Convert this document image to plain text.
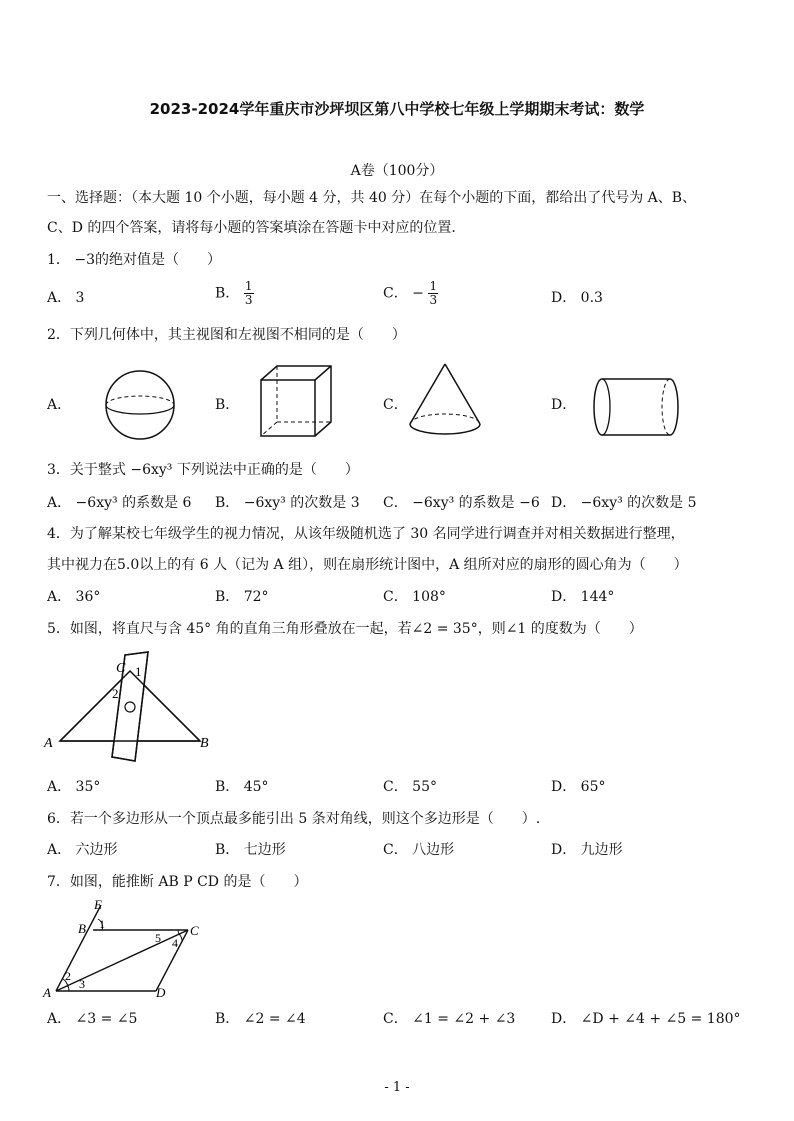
2023-2024学年重庆市沙坪坝区第八中学校七年级上学期期末考试：数学
A卷（100分）
一、选择题：（本大题 10 个小题，每小题 4 分，共 40 分）在每个小题的下面，都给出了代号为 A、B、
C、D 的四个答案，请将每小题的答案填涂在答题卡中对应的位置.
1． −3的绝对值是（　　）
A． 3	B． $\frac{1}{3}$	C． − $\frac{1}{3}$	D． 0.3
2．下列几何体中，其主视图和左视图不相同的是（　　）
A．	B．	C．	D．
3．关于整式 −6xy³ 下列说法中正确的是（　　）
A． −6xy³ 的系数是 6 B． −6xy³ 的次数是 3 C． −6xy³ 的系数是 −6 D． −6xy³ 的次数是 5
4．为了解某校七年级学生的视力情况，从该年级随机选了 30 名同学进行调查并对相关数据进行整理，
其中视力在5.0以上的有 6 人（记为 A 组），则在扇形统计图中，A 组所对应的扇形的圆心角为（　　）
A． 36°	B． 72°	C． 108°	D． 144°
5．如图，将直尺与含 45° 角的直角三角形叠放在一起，若∠2 = 35°，则∠1 的度数为（　　）
C 1
2
A	B
A． 35°	B． 45°	C． 55°	D． 65°
6．若一个多边形从一个顶点最多能引出 5 条对角线，则这个多边形是（　　）.
A． 六边形	B． 七边形	C． 八边形	D． 九边形
7．如图，能推断 AB P CD 的是（　　）
E
B 1
5 4
C
2
3
A	D
A． ∠3 = ∠5	B． ∠2 = ∠4	C． ∠1 = ∠2 + ∠3	D． ∠D + ∠4 + ∠5 = 180°
- 1 -
